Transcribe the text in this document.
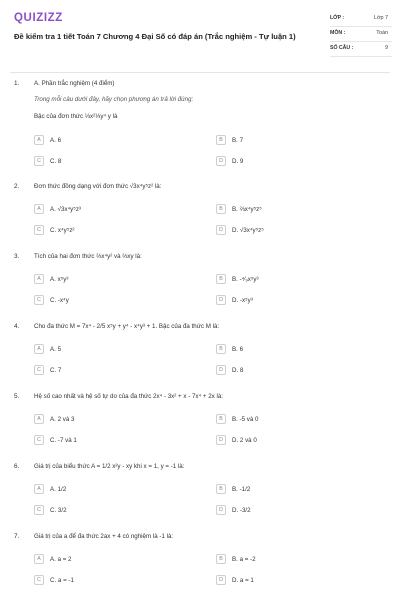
QUIZIZZ
Đề kiểm tra 1 tiết Toán 7 Chương 4 Đại Số có đáp án (Trắc nghiệm - Tự luận 1)
LỚP :	Lớp 7
MÔN :	Toán
SỐ CÂU :	9
1. A. Phần trắc nghiệm (4 điểm)
Trong mỗi câu dưới đây, hãy chọn phương án trả lời đúng:
Bậc của đơn thức ⅓x²⅓y⁴ y là
A	A. 6	B	B. 7
C	C. 8	D	D. 9
2. Đơn thức đồng dạng với đơn thức √3x⁴y⁵z² là:
A	A. √3x⁴y⁵z³	B	B. ⅔x⁴y⁵z⁵
C	C. x⁴y⁵z²	D	D. √3x⁴y⁵z⁵
3. Tích của hai đơn thức ⅔x⁴y² và ⅔xy là:
A	A. x⁵y³	B	B. -⁴⁄₉x⁵y³
C	C. -x⁴y	D	D. -x⁵y³
4. Cho đa thức M = 7x⁴ - 2/5 x⁵y + y⁴ - x⁴y³ + 1. Bậc của đa thức M là:
A	A. 5	B	B. 6
C	C. 7	D	D. 8
5. Hệ số cao nhất và hệ số tự do của đa thức 2x⁴ - 3x² + x - 7x⁴ + 2x là:
A	A. 2 và 3	B	B. -5 và 0
C	C. -7 và 1	D	D. 2 và 0
6. Giá trị của biểu thức A = 1/2 x²y - xy khi x = 1, y = -1 là:
A	A. 1/2	B	B. -1/2
C	C. 3/2	D	D. -3/2
7. Giá trị của a để đa thức 2ax + 4 có nghiệm là -1 là:
A	A. a = 2	B	B. a = -2
C	C. a = -1	D	D. a = 1
